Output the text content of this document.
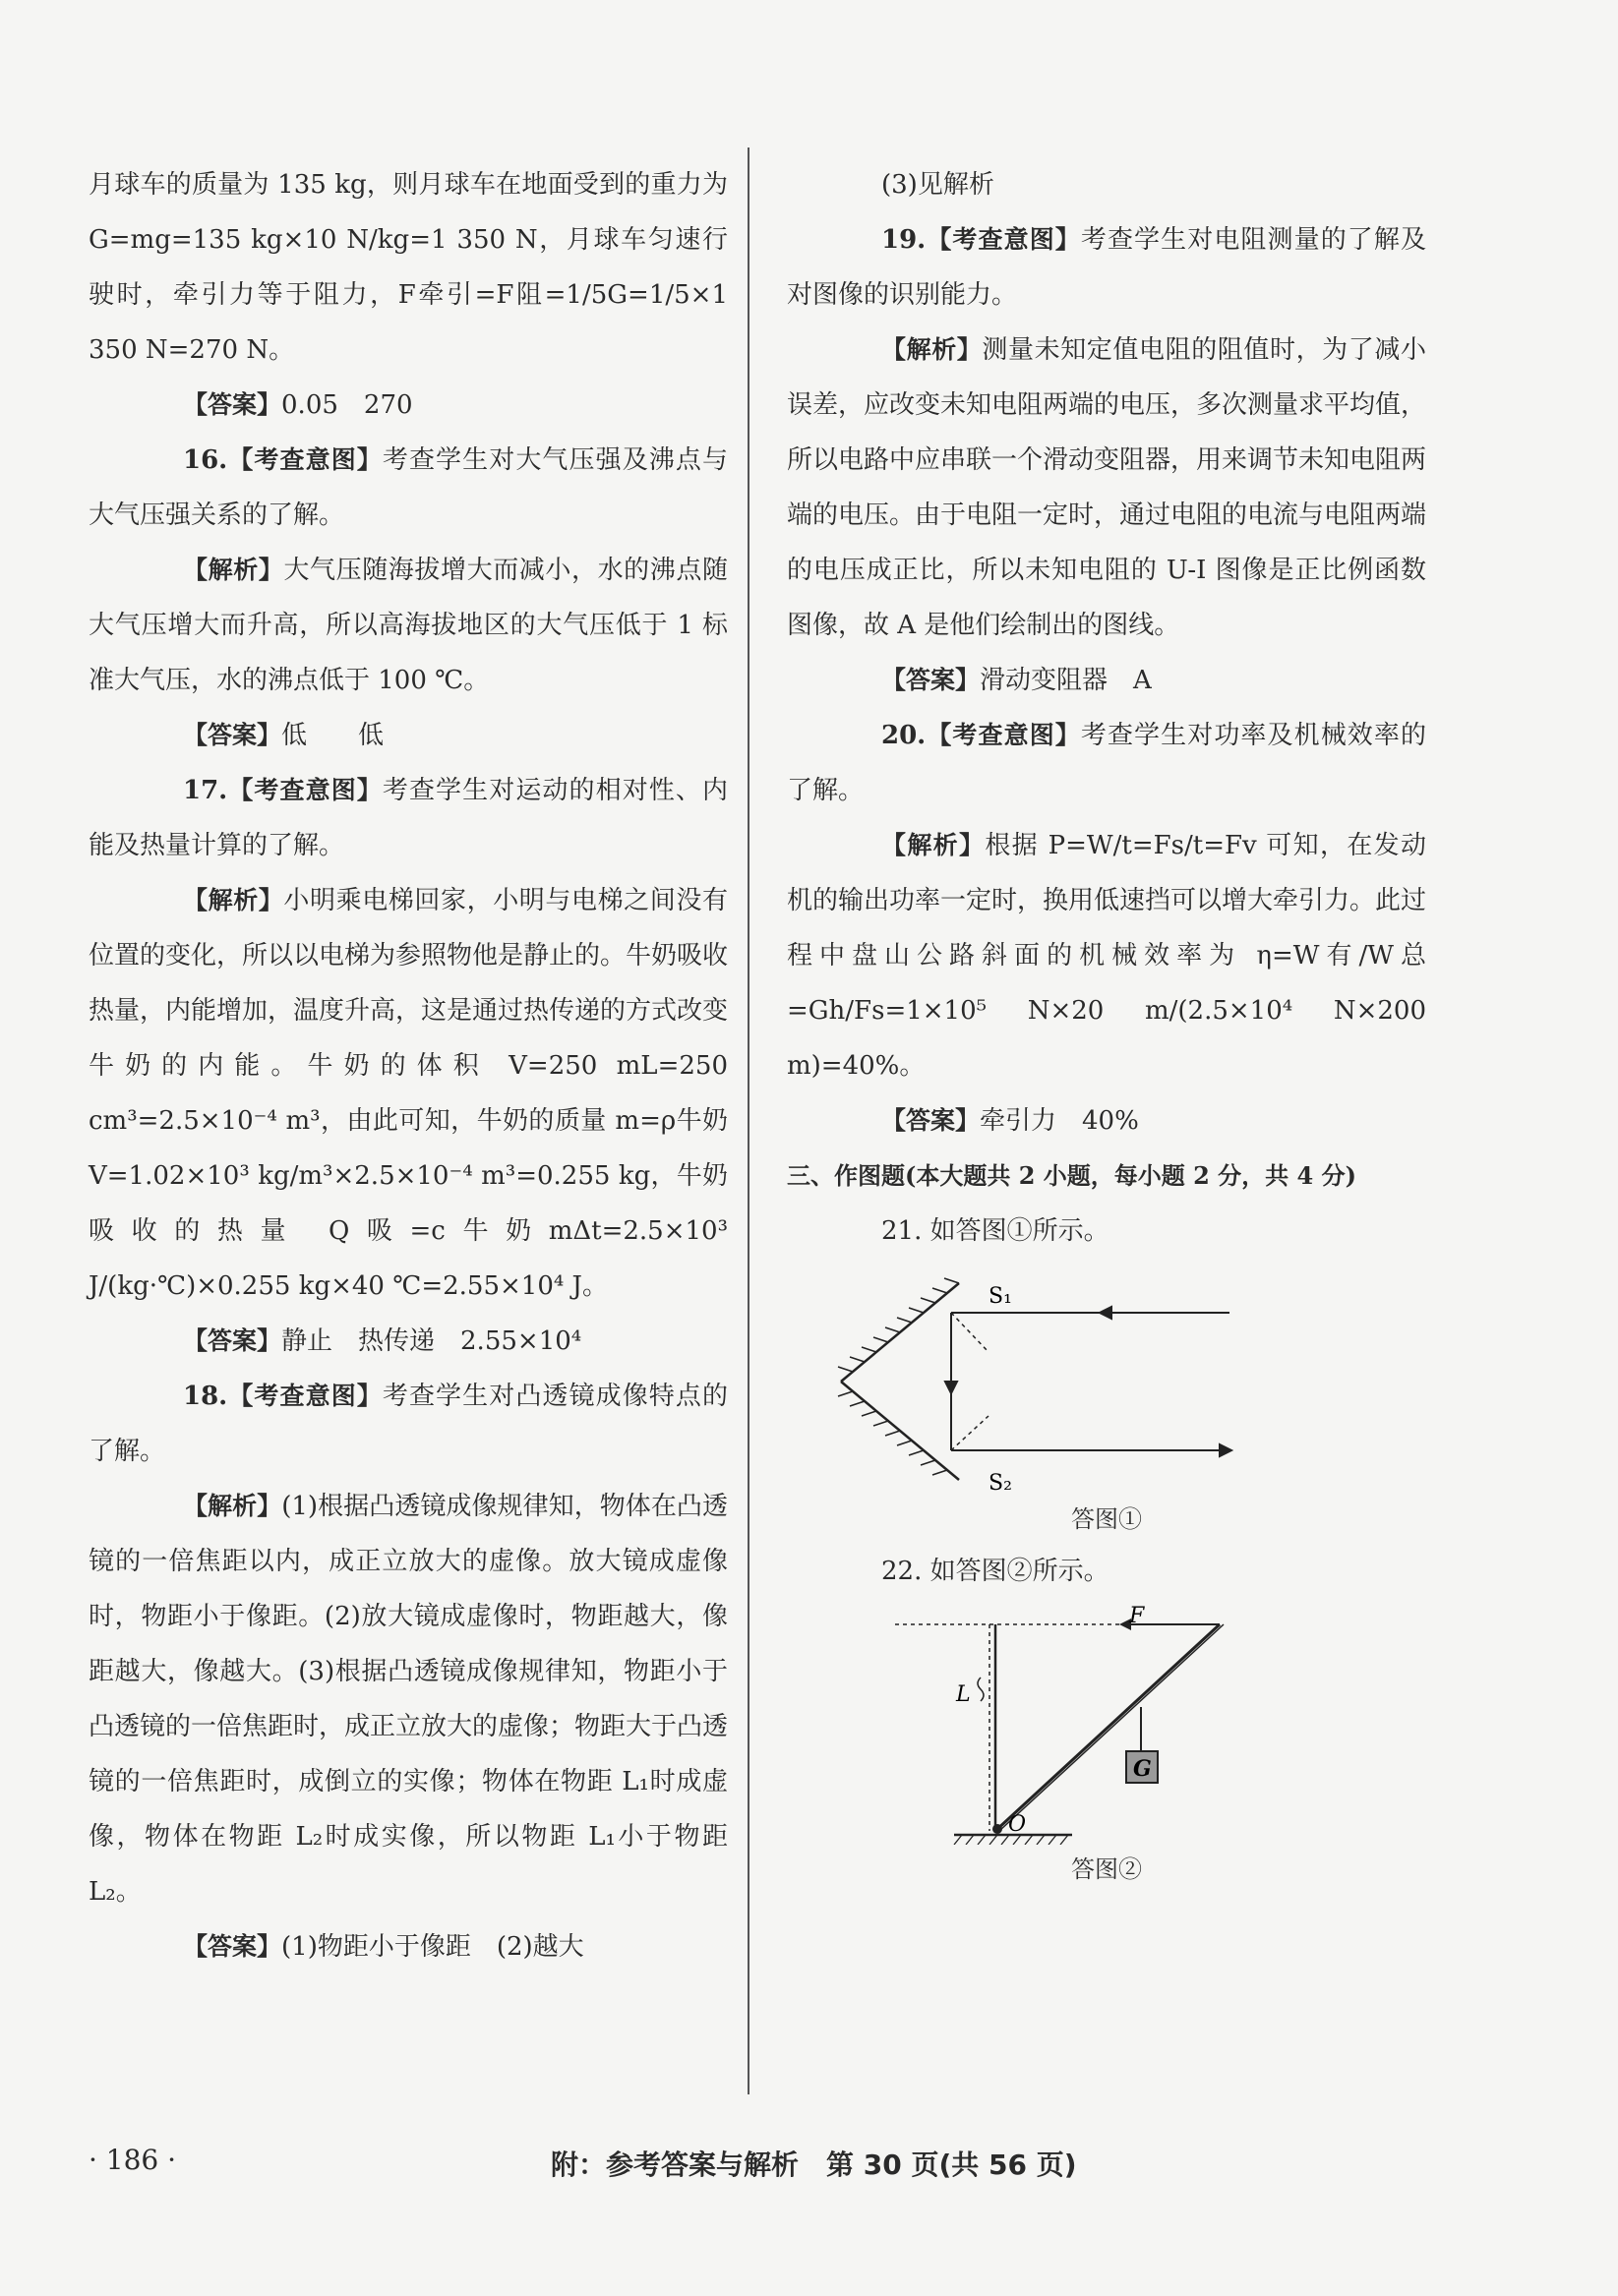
月球车的质量为 135 kg，则月球车在地面受到的重力为 G=mg=135 kg×10 N/kg=1 350 N，月球车匀速行驶时，牵引力等于阻力，F牵引=F阻=1/5G=1/5×1 350 N=270 N。

【答案】0.05　270

16.【考查意图】考查学生对大气压强及沸点与大气压强关系的了解。

【解析】大气压随海拔增大而减小，水的沸点随大气压增大而升高，所以高海拔地区的大气压低于 1 标准大气压，水的沸点低于 100 ℃。

【答案】低　　低

17.【考查意图】考查学生对运动的相对性、内能及热量计算的了解。

【解析】小明乘电梯回家，小明与电梯之间没有位置的变化，所以以电梯为参照物他是静止的。牛奶吸收热量，内能增加，温度升高，这是通过热传递的方式改变牛奶的内能。牛奶的体积 V=250 mL=250 cm³=2.5×10⁻⁴ m³，由此可知，牛奶的质量 m=ρ牛奶V=1.02×10³ kg/m³×2.5×10⁻⁴ m³=0.255 kg，牛奶吸收的热量 Q吸=c牛奶mΔt=2.5×10³ J/(kg·℃)×0.255 kg×40 ℃=2.55×10⁴ J。

【答案】静止　热传递　2.55×10⁴

18.【考查意图】考查学生对凸透镜成像特点的了解。

【解析】(1)根据凸透镜成像规律知，物体在凸透镜的一倍焦距以内，成正立放大的虚像。放大镜成虚像时，物距小于像距。(2)放大镜成虚像时，物距越大，像距越大，像越大。(3)根据凸透镜成像规律知，物距小于凸透镜的一倍焦距时，成正立放大的虚像；物距大于凸透镜的一倍焦距时，成倒立的实像；物体在物距 L₁时成虚像，物体在物距 L₂时成实像，所以物距 L₁小于物距 L₂。

【答案】(1)物距小于像距　(2)越大

(3)见解析

19.【考查意图】考查学生对电阻测量的了解及对图像的识别能力。

【解析】测量未知定值电阻的阻值时，为了减小误差，应改变未知电阻两端的电压，多次测量求平均值，所以电路中应串联一个滑动变阻器，用来调节未知电阻两端的电压。由于电阻一定时，通过电阻的电流与电阻两端的电压成正比，所以未知电阻的 U-I 图像是正比例函数图像，故 A 是他们绘制出的图线。

【答案】滑动变阻器　A

20.【考查意图】考查学生对功率及机械效率的了解。

【解析】根据 P=W/t=Fs/t=Fv 可知，在发动机的输出功率一定时，换用低速挡可以增大牵引力。此过程中盘山公路斜面的机械效率为 η=W有/W总=Gh/Fs=1×10⁵ N×20 m/(2.5×10⁴ N×200 m)=40%。

【答案】牵引力　40%

三、作图题(本大题共 2 小题，每小题 2 分，共 4 分)

21. 如答图①所示。

S₁
S₂
答图①

22. 如答图②所示。

G
F
L
O
答图②
· 186 ·	附：参考答案与解析　第 30 页(共 56 页)
